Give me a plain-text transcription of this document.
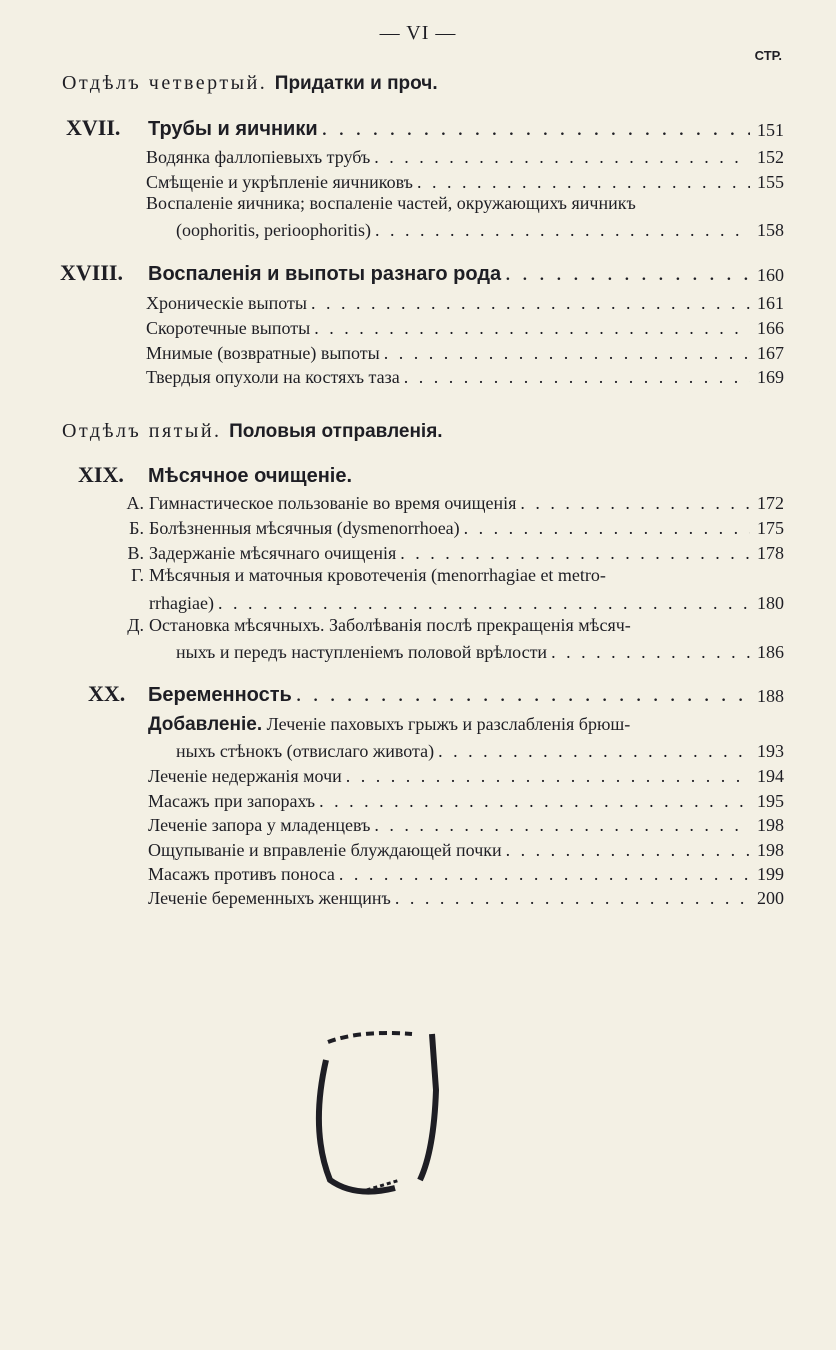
— VI —
СТР.
Отдѣлъ четвертый. Придатки и проч.
XVII.	Трубы и яичники . . .	151
Водянка фаллопіевыхъ трубъ . . .	152
Смѣщеніе и укрѣпленіе яичниковъ . . .	155
Воспаленіе яичника; воспаленіе частей, окружающихъ яичникъ
(oophoritis, perioophoritis) . . .	158
XVIII.	Воспаленія и выпоты разнаго рода . . .	160
Хроническіе выпоты . . .	161
Скоротечные выпоты . . .	166
Мнимые (возвратные) выпоты . . .	167
Твердыя опухоли на костяхъ таза . . .	169
Отдѣлъ пятый. Половыя отправленія.
XIX.	Мѣсячное очищеніе.
А. Гимнастическое пользованіе во время очищенія . . .	172
Б. Болѣзненныя мѣсячныя (dysmenorrhoea) . . .	175
В. Задержаніе мѣсячнаго очищенія . . .	178
Г. Мѣсячныя и маточныя кровотеченія (menorrhagiae et metro-
rrhagiae) . . .	180
Д. Остановка мѣсячныхъ. Заболѣванія послѣ прекращенія мѣсяч-
ныхъ и передъ наступленіемъ половой врѣлости . . .	186
XX.	Беременность . . .	188
Добавленіе. Леченіе паховыхъ грыжъ и разслабленія брюш-
ныхъ стѣнокъ (отвислаго живота) . . .	193
Леченіе недержанія мочи . . .	194
Масажъ при запорахъ . . .	195
Леченіе запора у младенцевъ . . .	198
Ощупываніе и вправленіе блуждающей почки . . .	198
Масажъ противъ поноса . . .	199
Леченіе беременныхъ женщинъ . . .	200
